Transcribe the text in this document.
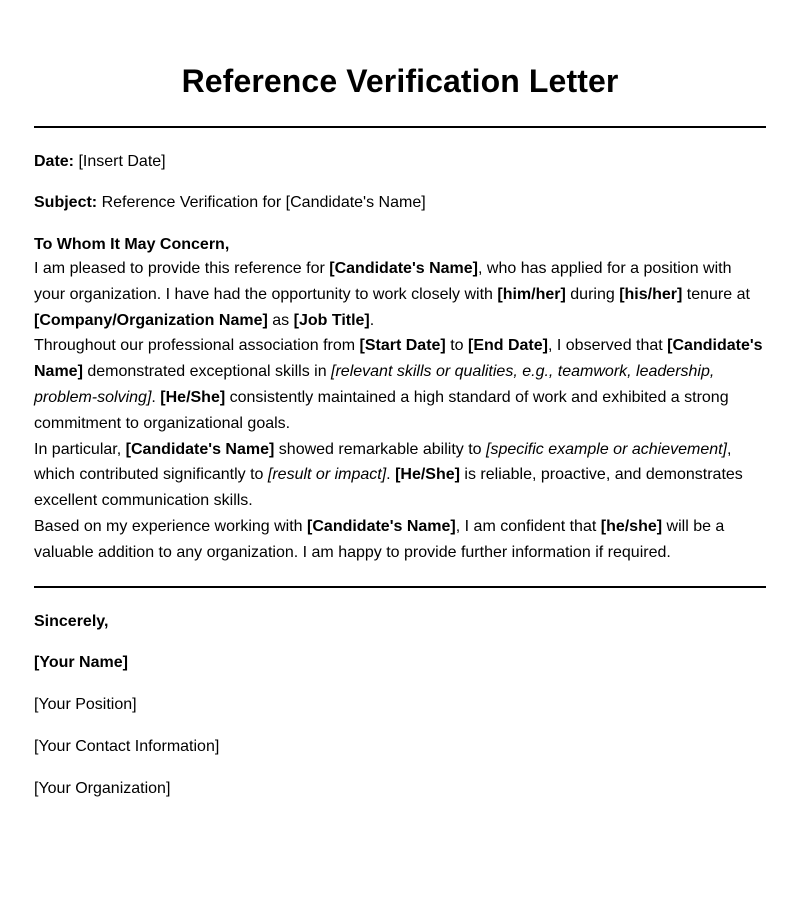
Reference Verification Letter

Date: [Insert Date]

Subject: Reference Verification for [Candidate's Name]

To Whom It May Concern,

I am pleased to provide this reference for [Candidate's Name], who has applied for a position with your organization. I have had the opportunity to work closely with [him/her] during [his/her] tenure at [Company/Organization Name] as [Job Title].

Throughout our professional association from [Start Date] to [End Date], I observed that [Candidate's Name] demonstrated exceptional skills in [relevant skills or qualities, e.g., teamwork, leadership, problem-solving]. [He/She] consistently maintained a high standard of work and exhibited a strong commitment to organizational goals.

In particular, [Candidate's Name] showed remarkable ability to [specific example or achievement], which contributed significantly to [result or impact]. [He/She] is reliable, proactive, and demonstrates excellent communication skills.

Based on my experience working with [Candidate's Name], I am confident that [he/she] will be a valuable addition to any organization. I am happy to provide further information if required.

Sincerely,

[Your Name]

[Your Position]

[Your Contact Information]

[Your Organization]
